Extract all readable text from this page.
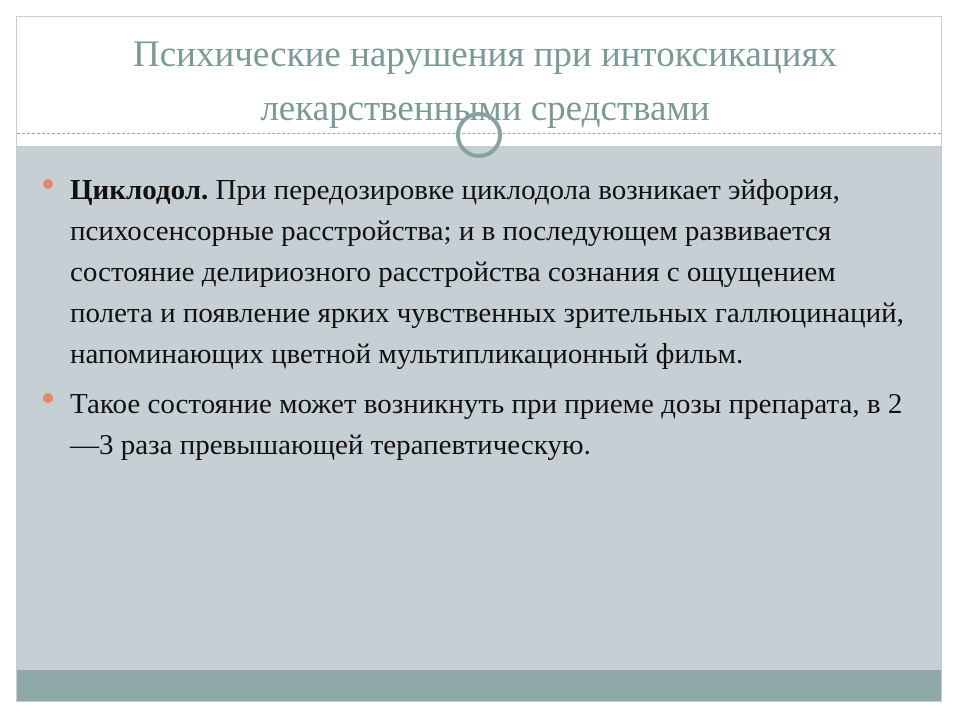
Психические нарушения при интоксикациях лекарственными средствами
Циклодол. При передозировке циклодола возникает эйфория, психосенсорные расстройства; и в последующем развивается состояние делириозного расстройства сознания с ощущением полета и появление ярких чувственных зрительных галлюцинаций, напоминающих цветной мультипликационный фильм.
Такое состояние может возникнуть при приеме дозы препарата, в 2—3 раза превышающей терапевтическую.
